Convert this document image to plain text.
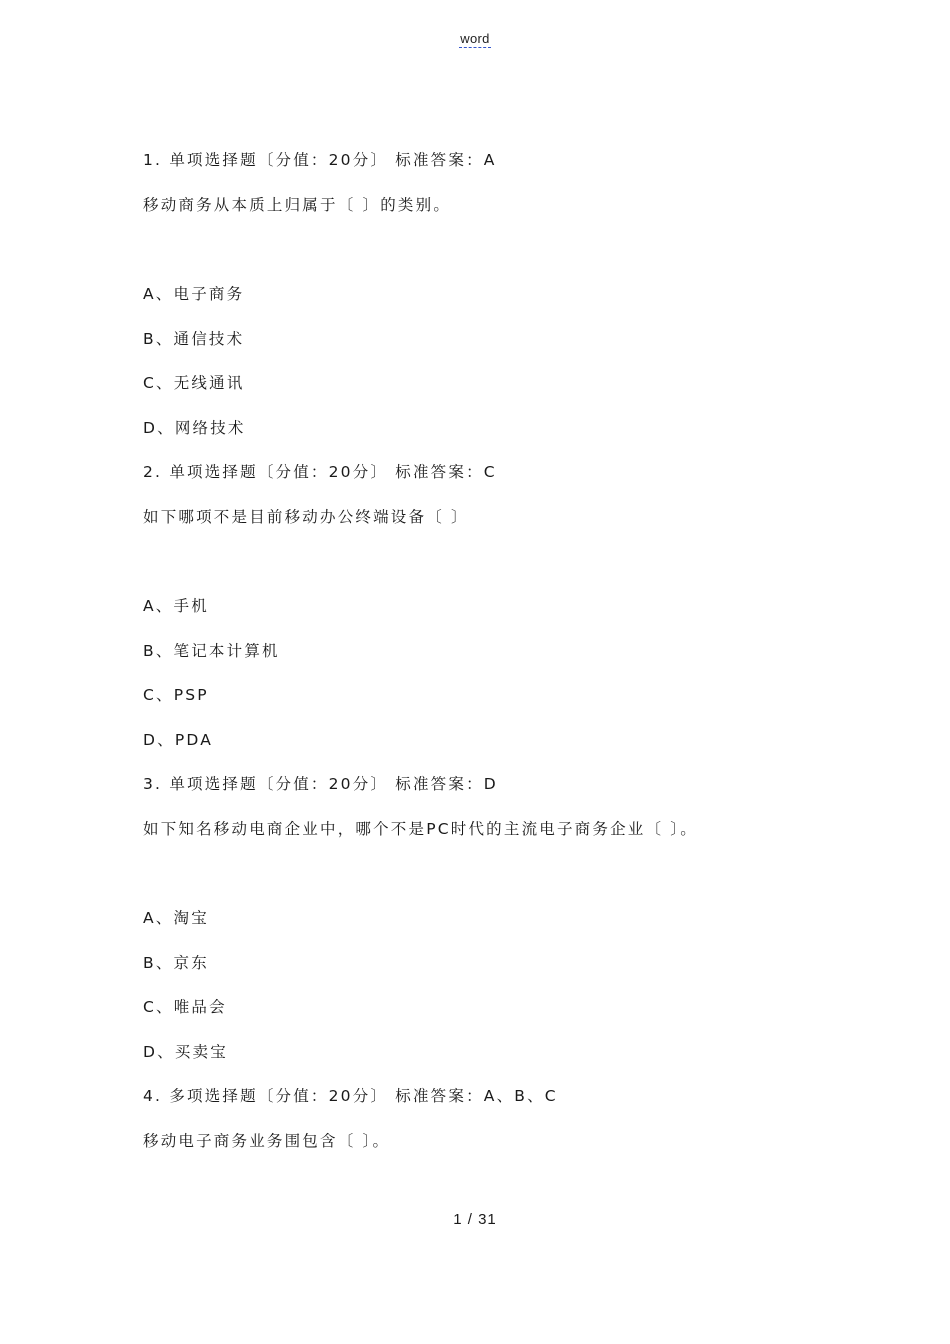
word
1. 单项选择题〔分值：20分〕 标准答案：A
移动商务从本质上归属于〔 〕的类别。
A、电子商务
B、通信技术
C、无线通讯
D、网络技术
2. 单项选择题〔分值：20分〕 标准答案：C
如下哪项不是目前移动办公终端设备〔 〕
A、手机
B、笔记本计算机
C、PSP
D、PDA
3. 单项选择题〔分值：20分〕 标准答案：D
如下知名移动电商企业中，哪个不是PC时代的主流电子商务企业〔 〕。
A、淘宝
B、京东
C、唯品会
D、买卖宝
4. 多项选择题〔分值：20分〕 标准答案：A、B、C
移动电子商务业务围包含〔 〕。
1 / 31
